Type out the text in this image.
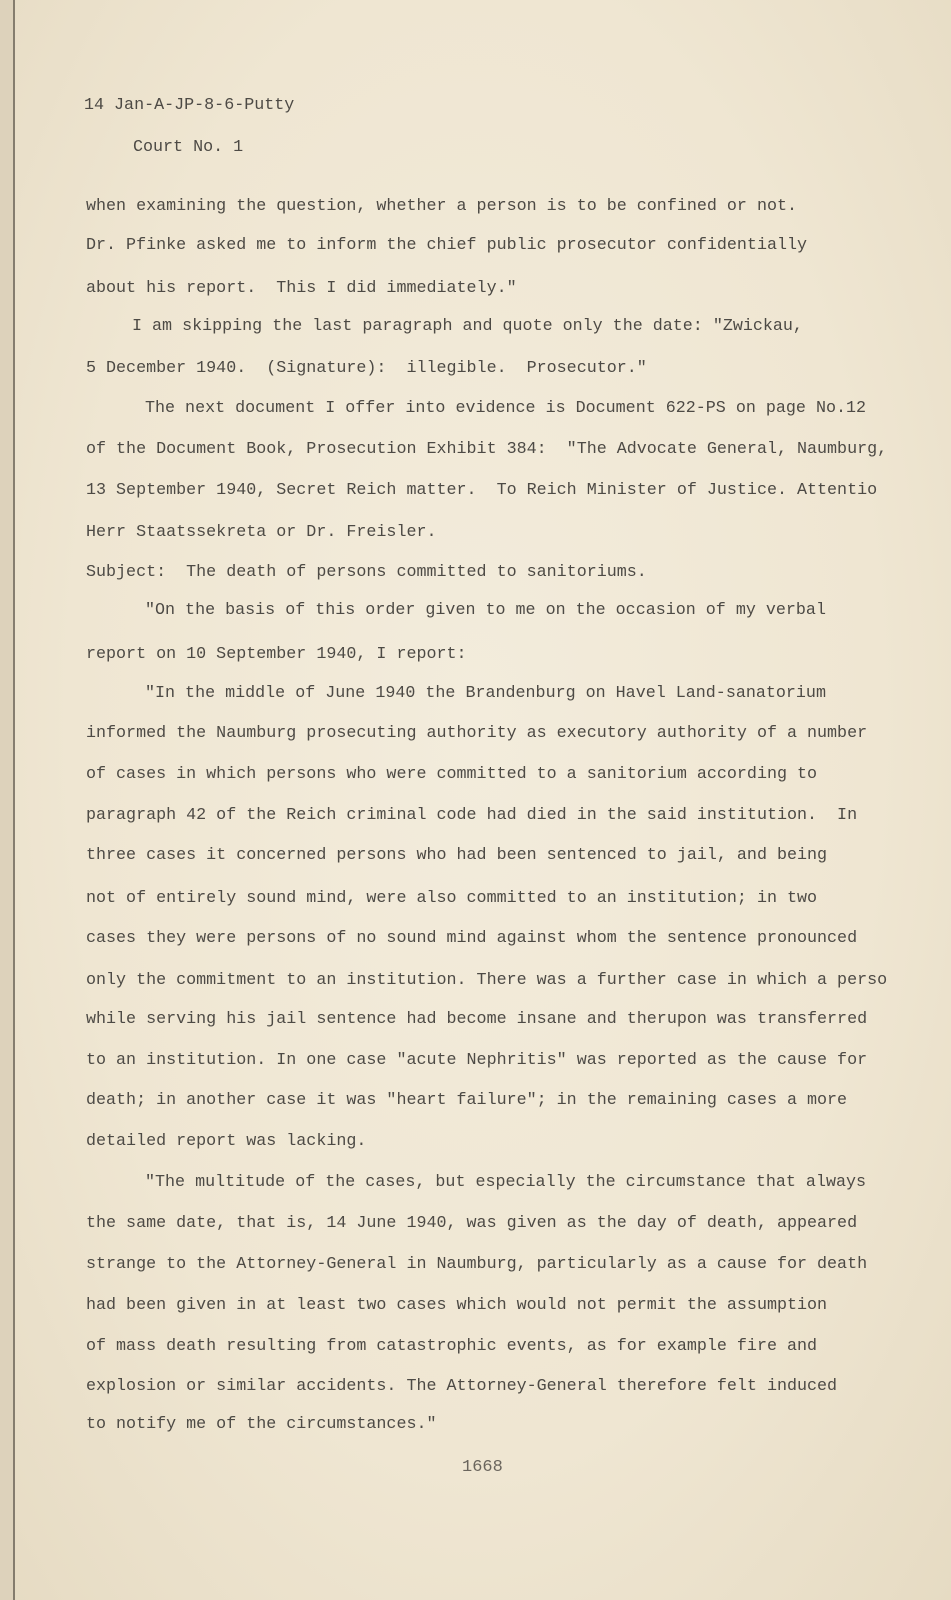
14 Jan-A-JP-8-6-Putty
Court No. 1
when examining the question, whether a person is to be confined or not.
Dr. Pfinke asked me to inform the chief public prosecutor confidentially
about his report.  This I did immediately."
I am skipping the last paragraph and quote only the date: "Zwickau,
5 December 1940.  (Signature):  illegible.  Prosecutor."
The next document I offer into evidence is Document 622-PS on page No.12
of the Document Book, Prosecution Exhibit 384:  "The Advocate General, Naumburg,
13 September 1940, Secret Reich matter.  To Reich Minister of Justice. Attentio
Herr Staatssekreta or Dr. Freisler.
Subject:  The death of persons committed to sanitoriums.
"On the basis of this order given to me on the occasion of my verbal
report on 10 September 1940, I report:
"In the middle of June 1940 the Brandenburg on Havel Land-sanatorium
informed the Naumburg prosecuting authority as executory authority of a number
of cases in which persons who were committed to a sanitorium according to
paragraph 42 of the Reich criminal code had died in the said institution.  In
three cases it concerned persons who had been sentenced to jail, and being
not of entirely sound mind, were also committed to an institution; in two
cases they were persons of no sound mind against whom the sentence pronounced
only the commitment to an institution. There was a further case in which a perso
while serving his jail sentence had become insane and therupon was transferred
to an institution. In one case "acute Nephritis" was reported as the cause for
death; in another case it was "heart failure"; in the remaining cases a more
detailed report was lacking.
"The multitude of the cases, but especially the circumstance that always
the same date, that is, 14 June 1940, was given as the day of death, appeared
strange to the Attorney-General in Naumburg, particularly as a cause for death
had been given in at least two cases which would not permit the assumption
of mass death resulting from catastrophic events, as for example fire and
explosion or similar accidents. The Attorney-General therefore felt induced
to notify me of the circumstances."
1668
